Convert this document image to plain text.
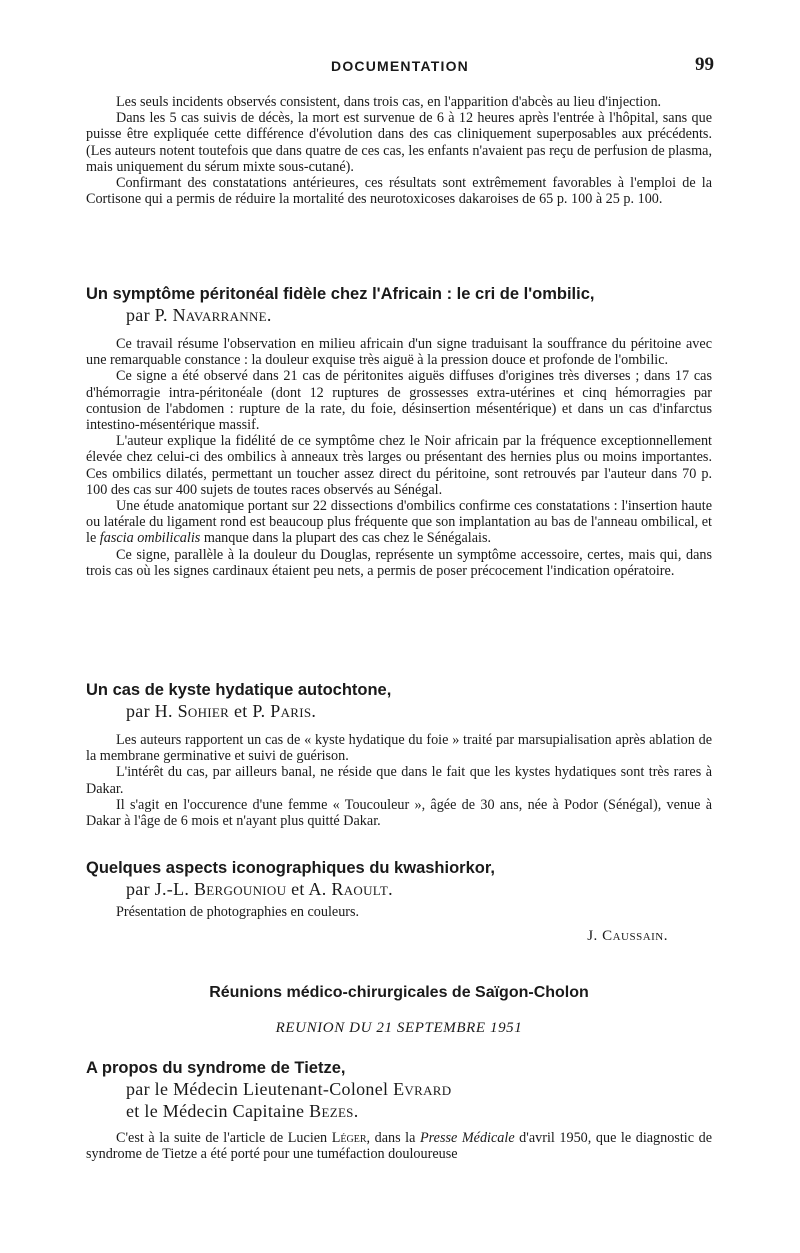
DOCUMENTATION	99

Les seuls incidents observés consistent, dans trois cas, en l'apparition d'abcès au lieu d'injection.

Dans les 5 cas suivis de décès, la mort est survenue de 6 à 12 heures après l'entrée à l'hôpital, sans que puisse être expliquée cette différence d'évolution dans des cas cliniquement superposables aux précédents. (Les auteurs notent toutefois que dans quatre de ces cas, les enfants n'avaient pas reçu de perfusion de plasma, mais uniquement du sérum mixte sous-cutané).

Confirmant des constatations antérieures, ces résultats sont extrêmement favorables à l'emploi de la Cortisone qui a permis de réduire la mortalité des neurotoxicoses dakaroises de 65 p. 100 à 25 p. 100.

Un symptôme péritonéal fidèle chez l'Africain : le cri de l'ombilic,
par P. Navarranne.

Ce travail résume l'observation en milieu africain d'un signe traduisant la souffrance du péritoine avec une remarquable constance : la douleur exquise très aiguë à la pression douce et profonde de l'ombilic.

Ce signe a été observé dans 21 cas de péritonites aiguës diffuses d'origines très diverses ; dans 17 cas d'hémorragie intra-péritonéale (dont 12 ruptures de grossesses extra-utérines et cinq hémorragies par contusion de l'abdomen : rupture de la rate, du foie, désinsertion mésentérique) et dans un cas d'infarctus intestino-mésentérique massif.

L'auteur explique la fidélité de ce symptôme chez le Noir africain par la fréquence exceptionnellement élevée chez celui-ci des ombilics à anneaux très larges ou présentant des hernies plus ou moins importantes. Ces ombilics dilatés, permettant un toucher assez direct du péritoine, sont retrouvés par l'auteur dans 70 p. 100 des cas sur 400 sujets de toutes races observés au Sénégal.

Une étude anatomique portant sur 22 dissections d'ombilics confirme ces constatations : l'insertion haute ou latérale du ligament rond est beaucoup plus fréquente que son implantation au bas de l'anneau ombilical, et le fascia ombilicalis manque dans la plupart des cas chez le Sénégalais.

Ce signe, parallèle à la douleur du Douglas, représente un symptôme accessoire, certes, mais qui, dans trois cas où les signes cardinaux étaient peu nets, a permis de poser précocement l'indication opératoire.

Un cas de kyste hydatique autochtone,
par H. Sohier et P. Paris.

Les auteurs rapportent un cas de « kyste hydatique du foie » traité par marsupialisation après ablation de la membrane germinative et suivi de guérison.

L'intérêt du cas, par ailleurs banal, ne réside que dans le fait que les kystes hydatiques sont très rares à Dakar.

Il s'agit en l'occurence d'une femme « Toucouleur », âgée de 30 ans, née à Podor (Sénégal), venue à Dakar à l'âge de 6 mois et n'ayant plus quitté Dakar.

Quelques aspects iconographiques du kwashiorkor,
par J.-L. Bergouniou et A. Raoult.

Présentation de photographies en couleurs.

J. Caussain.
Réunions médico-chirurgicales de Saïgon-Cholon
REUNION DU 21 SEPTEMBRE 1951
A propos du syndrome de Tietze,
par le Médecin Lieutenant-Colonel Evrard
et le Médecin Capitaine Bezes.

C'est à la suite de l'article de Lucien Léger, dans la Presse Médicale d'avril 1950, que le diagnostic de syndrome de Tietze a été porté pour une tuméfaction douloureuse
